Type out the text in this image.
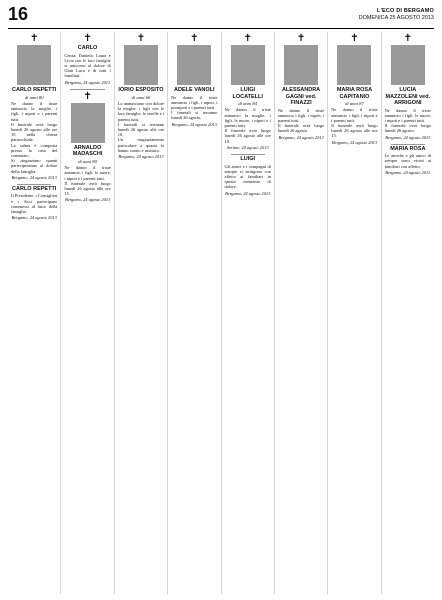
16	L'ECO DI BERGAMO
DOMENICA 25 AGOSTO 2013
✝
CARLO REPETTI
di anni 80
Ne danno il triste annuncio la moglie, i figli, i nipoti e i parenti tutti.
Il funerale avrà luogo lunedì 26 agosto alle ore 10 nella chiesa parrocchiale.
La salma è composta presso la casa del commiato.
Si ringraziano quanti parteciperanno al dolore della famiglia.
Bergamo, 24 agosto 2013
CARLO REPETTI
Il Presidente, i Consiglieri e i Soci partecipano commossi al lutto della famiglia.
Bergamo, 24 agosto 2013
✝
CARLO
Cenza, Daniela, Laura e Livia con le loro famiglie si uniscono al dolore di Gian Luca e di tutti i familiari.
Bergamo, 24 agosto 2013
✝
ARNALDO MADASCHI
di anni 80
Ne danno il triste annuncio i figli, le nuore, i nipoti e i parenti tutti.
Il funerale avrà luogo lunedì 26 agosto alle ore 15.
Bergamo, 24 agosto 2013
✝
IORIO ESPOSITO
di anni 66
Lo annunciano con dolore la moglie, i figli con le loro famiglie, le sorelle e i parenti tutti.
I funerali si terranno lunedì 26 agosto alle ore 10.
Un ringraziamento particolare a quanti lo hanno curato e assistito.
Bergamo, 24 agosto 2013
✝
ADELE VANOLI
Ne danno il triste annuncio i figli, i nipoti, i pronipoti e i parenti tutti.
I funerali si terranno lunedì 26 agosto.
Bergamo, 24 agosto 2013
✝
LUIGI LOCATELLI
di anni 84
Ne danno il triste annuncio la moglie, i figli, le nuore, i nipoti e i parenti tutti.
Il funerale avrà luogo lunedì 26 agosto alle ore 10.
Seriate, 24 agosto 2013
LUIGI
Gli amici e i compagni di sempre si stringono con affetto ai familiari in questo momento di dolore.
Bergamo, 24 agosto 2013
✝
ALESSANDRA GAGNI ved. FINAZZI
Ne danno il triste annuncio i figli, i nipoti, i parenti tutti.
Il funerale avrà luogo lunedì 26 agosto.
Bergamo, 24 agosto 2013
✝
MARIA ROSA CAPITANIO
di anni 87
Ne danno il triste annuncio i figli, i nipoti e i parenti tutti.
Il funerale avrà luogo lunedì 26 agosto alle ore 15.
Bergamo, 24 agosto 2013
✝
LUCIA MAZZOLENI ved. ARRIGONI
Ne danno il triste annuncio i figli, le nuore, i nipoti e i parenti tutti.
Il funerale avrà luogo lunedì 26 agosto.
Bergamo, 24 agosto 2013
MARIA ROSA
Le amiche e gli amici di sempre sono vicini ai familiari con affetto.
Bergamo, 24 agosto 2013
